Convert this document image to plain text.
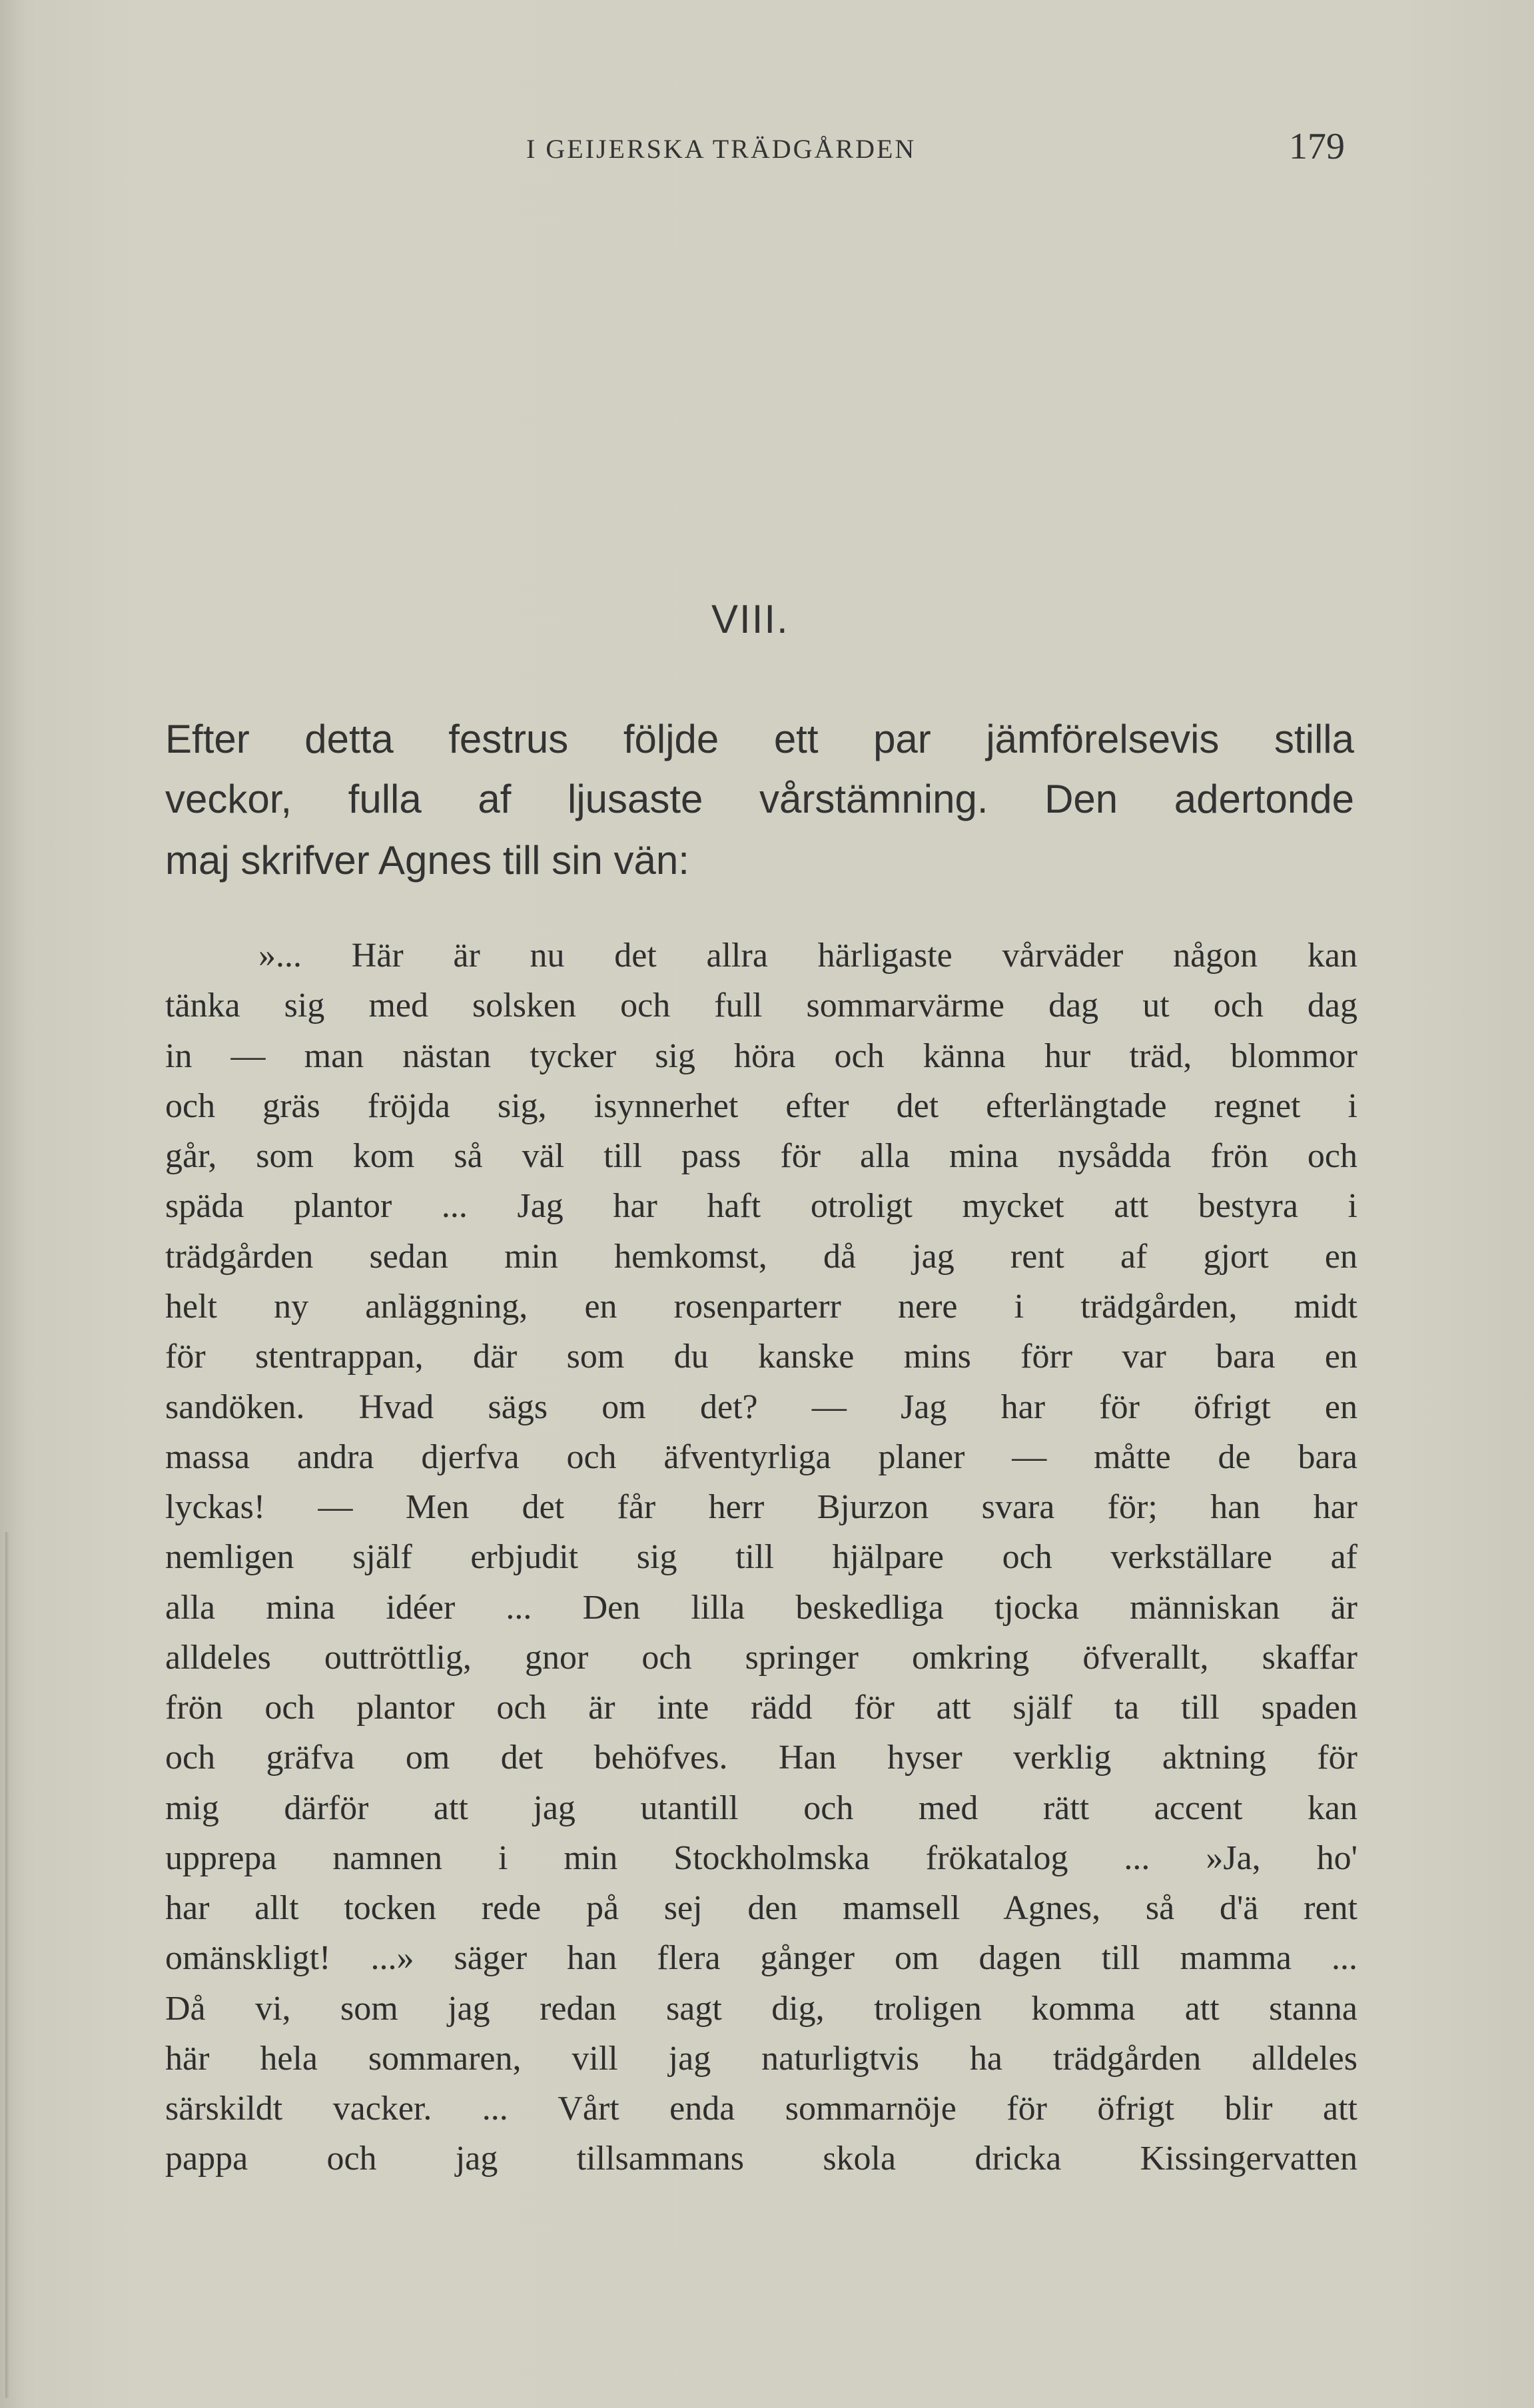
I GEIJERSKA TRÄDGÅRDEN	179
VIII.
Efter detta festrus följde ett par jämförelsevis stilla
veckor, fulla af ljusaste vårstämning. Den adertonde
maj skrifver Agnes till sin vän:
»... Här är nu det allra härligaste vårväder någon kan
tänka sig med solsken och full sommarvärme dag ut och dag
in — man nästan tycker sig höra och känna hur träd, blommor
och gräs fröjda sig, isynnerhet efter det efterlängtade regnet i
går, som kom så väl till pass för alla mina nysådda frön och
späda plantor ... Jag har haft otroligt mycket att bestyra i
trädgården sedan min hemkomst, då jag rent af gjort en
helt ny anläggning, en rosenparterr nere i trädgården, midt
för stentrappan, där som du kanske mins förr var bara en
sandöken. Hvad sägs om det? — Jag har för öfrigt en
massa andra djerfva och äfventyrliga planer — måtte de bara
lyckas! — Men det får herr Bjurzon svara för; han har
nemligen själf erbjudit sig till hjälpare och verkställare af
alla mina idéer ... Den lilla beskedliga tjocka människan är
alldeles outtröttlig, gnor och springer omkring öfverallt, skaffar
frön och plantor och är inte rädd för att själf ta till spaden
och gräfva om det behöfves. Han hyser verklig aktning för
mig därför att jag utantill och med rätt accent kan
upprepa namnen i min Stockholmska frökatalog ... »Ja, ho'
har allt tocken rede på sej den mamsell Agnes, så d'ä rent
omänskligt! ...» säger han flera gånger om dagen till mamma ...
Då vi, som jag redan sagt dig, troligen komma att stanna
här hela sommaren, vill jag naturligtvis ha trädgården alldeles
särskildt vacker. ... Vårt enda sommarnöje för öfrigt blir att
pappa och jag tillsammans skola dricka Kissingervatten
